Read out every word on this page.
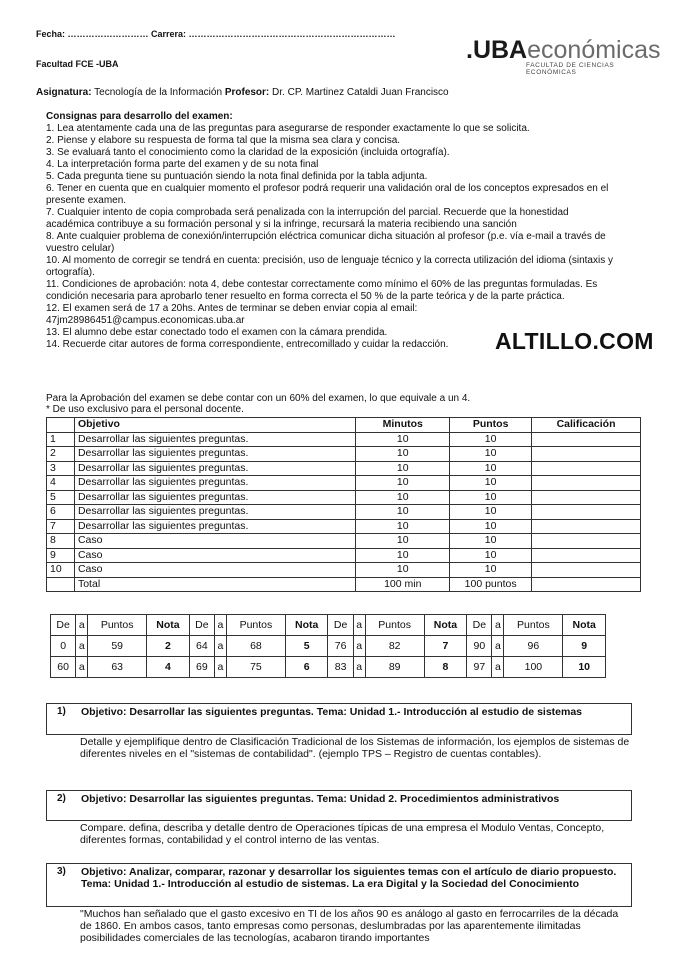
Fecha: ……………………… Carrera: ……………………………………………………………
Facultad FCE -UBA
Asignatura: Tecnología de la Información Profesor: Dr. CP. Martinez Cataldi Juan Francisco
.UBAeconómicas
FACULTAD DE CIENCIAS ECONÓMICAS
Consignas para desarrollo del examen:

1. Lea atentamente cada una de las preguntas para asegurarse de responder exactamente lo que se solicita.

2. Piense y elabore su respuesta de forma tal que la misma sea clara y concisa.

3. Se evaluará tanto el conocimiento como la claridad de la exposición (incluida ortografía).

4. La interpretación forma parte del examen y de su nota final

5. Cada pregunta tiene su puntuación siendo la nota final definida por la tabla adjunta.

6. Tener en cuenta que en cualquier momento el profesor podrá requerir una validación oral de los conceptos expresados en el presente examen.

7. Cualquier intento de copia comprobada será penalizada con la interrupción del parcial. Recuerde que la honestidad académica contribuye a su formación personal y si la infringe, recursará la materia recibiendo una sanción

8. Ante cualquier problema de conexión/interrupción eléctrica comunicar dicha situación al profesor (p.e. vía e-mail a través de vuestro celular)

10. Al momento de corregir se tendrá en cuenta: precisión, uso de lenguaje técnico y la correcta utilización del idioma (sintaxis y ortografía).

11. Condiciones de aprobación: nota 4, debe contestar correctamente como mínimo el 60% de las preguntas formuladas. Es condición necesaria para aprobarlo tener resuelto en forma correcta el 50 % de la parte teórica y de la parte práctica.

12. El examen será de 17 a 20hs. Antes de terminar se deben enviar copia al email: 47jm28986451@campus.economicas.uba.ar

13. El alumno debe estar conectado todo el examen con la cámara prendida.

14. Recuerde citar autores de forma correspondiente, entrecomillado y cuidar la redacción.	ALTILLO.COM
Para la Aprobación del examen se debe contar con un 60% del examen, lo que equivale a un 4.
* De uso exclusivo para el personal docente.
	Objetivo	Minutos	Puntos	Calificación
1	Desarrollar las siguientes preguntas.	10	10	
2	Desarrollar las siguientes preguntas.	10	10	
3	Desarrollar las siguientes preguntas.	10	10	
4	Desarrollar las siguientes preguntas.	10	10	
5	Desarrollar las siguientes preguntas.	10	10	
6	Desarrollar las siguientes preguntas.	10	10	
7	Desarrollar las siguientes preguntas.	10	10	
8	Caso	10	10	
9	Caso	10	10	
10	Caso	10	10	
	Total	100 min	100 puntos	
De	a	Puntos	Nota	De	a	Puntos	Nota	De	a	Puntos	Nota	De	a	Puntos	Nota
0	a	59	2	64	a	68	5	76	a	82	7	90	a	96	9
60	a	63	4	69	a	75	6	83	a	89	8	97	a	100	10
1) Objetivo: Desarrollar las siguientes preguntas. Tema: Unidad 1.- Introducción al estudio de sistemas
Detalle y ejemplifique dentro de Clasificación Tradicional de los Sistemas de información, los ejemplos de sistemas de diferentes niveles en el "sistemas de contabilidad". (ejemplo TPS – Registro de cuentas contables).
2) Objetivo: Desarrollar las siguientes preguntas. Tema: Unidad 2. Procedimientos administrativos
Compare. defina, describa y detalle dentro de Operaciones típicas de una empresa el Modulo Ventas, Concepto, diferentes formas, contabilidad y el control interno de las ventas.
3) Objetivo: Analizar, comparar, razonar y desarrollar los siguientes temas con el artículo de diario propuesto. Tema: Unidad 1.- Introducción al estudio de sistemas. La era Digital y la Sociedad del Conocimiento
"Muchos han señalado que el gasto excesivo en TI de los años 90 es análogo al gasto en ferrocarriles de la década de 1860. En ambos casos, tanto empresas como personas, deslumbradas por las aparentemente ilimitadas posibilidades comerciales de las tecnologías, acabaron tirando importantes
